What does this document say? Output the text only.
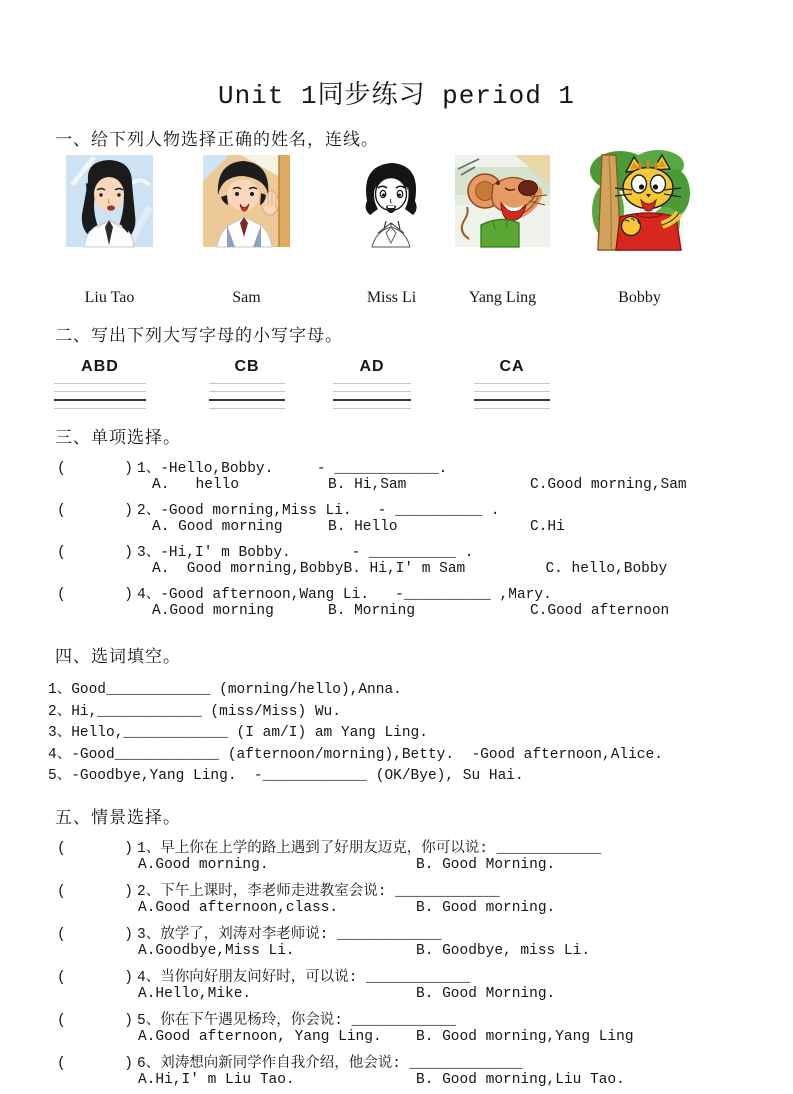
Unit 1同步练习 period 1
一、给下列人物选择正确的姓名，连线。
Liu Tao	Sam	Miss Li	Yang Ling	Bobby
二、写出下列大写字母的小写字母。
ABD	CB	AD	CA
三、单项选择。
(	) 1、-Hello,Bobby.     - ____________.
A.   hello	B. Hi,Sam	C.Good morning,Sam
(	) 2、-Good morning,Miss Li.   - __________ .
A. Good morning	B. Hello	C.Hi
(	) 3、-Hi,I' m Bobby.       - __________ .
A.  Good morning,Bobby B. Hi,I' m Sam	C. hello,Bobby
(	) 4、-Good afternoon,Wang Li.   -__________ ,Mary.
A.Good morning	B. Morning	C.Good afternoon
四、选词填空。
1、Good____________ (morning/hello),Anna.
2、Hi,____________ (miss/Miss) Wu.
3、Hello,____________ (I am/I) am Yang Ling.
4、-Good____________ (afternoon/morning),Betty.  -Good afternoon,Alice.
5、-Goodbye,Yang Ling.  -____________ (OK/Bye), Su Hai.
五、情景选择。
(	) 1、早上你在上学的路上遇到了好朋友迈克，你可以说: ____________
A.Good morning.	B. Good Morning.
(	) 2、下午上课时，李老师走进教室会说: ____________
A.Good afternoon,class.	B. Good morning.
(	) 3、放学了，刘涛对李老师说: ____________
A.Goodbye,Miss Li.	B. Goodbye, miss Li.
(	) 4、当你向好朋友问好时，可以说: ____________
A.Hello,Mike.	B. Good Morning.
(	) 5、你在下午遇见杨玲，你会说: ____________
A.Good afternoon, Yang Ling.	B. Good morning,Yang Ling
(	) 6、刘涛想向新同学作自我介绍，他会说: _____________
A.Hi,I' m Liu Tao.	B. Good morning,Liu Tao.
